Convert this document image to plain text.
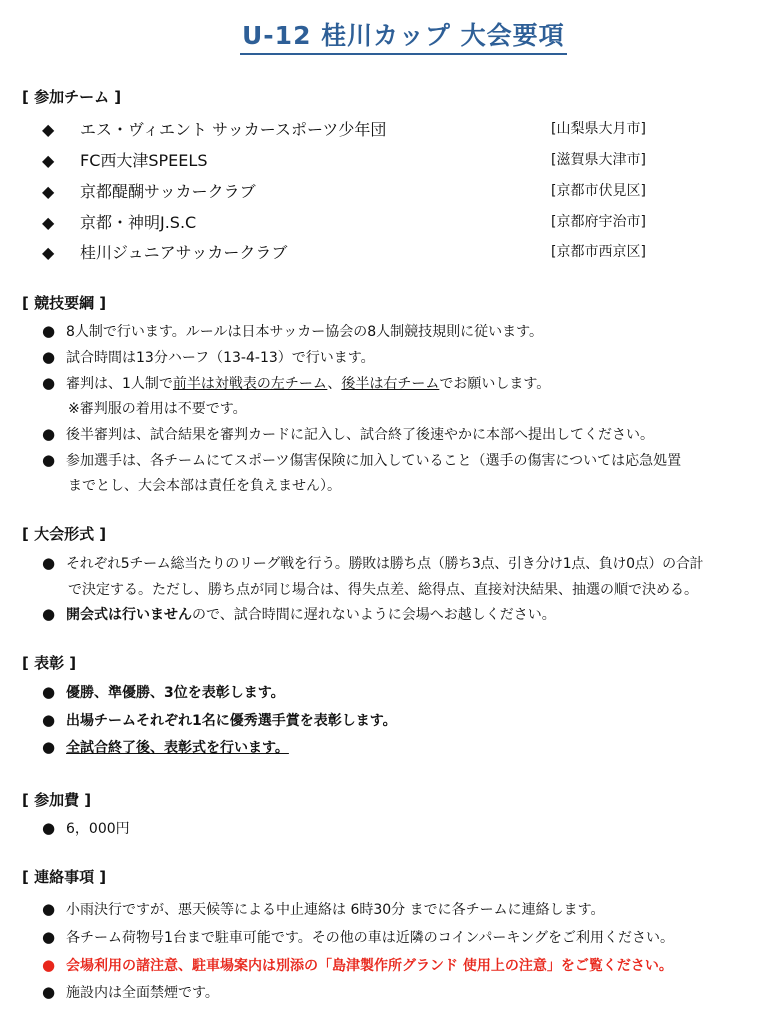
U-12 桂川カップ 大会要項
[ 参加チーム ]
◆ エス・ヴィエント サッカースポーツ少年団	[山梨県大月市]
◆ FC西大津SPEELS	[滋賀県大津市]
◆ 京都醍醐サッカークラブ	[京都市伏見区]
◆ 京都・神明J.S.C	[京都府宇治市]
◆ 桂川ジュニアサッカークラブ	[京都市西京区]
[ 競技要綱 ]
● 8人制で行います。ルールは日本サッカー協会の8人制競技規則に従います。
● 試合時間は13分ハーフ（13-4-13）で行います。
● 審判は、1人制で前半は対戦表の左チーム、後半は右チームでお願いします。
※審判服の着用は不要です。
● 後半審判は、試合結果を審判カードに記入し、試合終了後速やかに本部へ提出してください。
● 参加選手は、各チームにてスポーツ傷害保険に加入していること（選手の傷害については応急処置
までとし、大会本部は責任を負えません）。
[ 大会形式 ]
● それぞれ5チーム総当たりのリーグ戦を行う。勝敗は勝ち点（勝ち3点、引き分け1点、負け0点）の合計
で決定する。ただし、勝ち点が同じ場合は、得失点差、総得点、直接対決結果、抽選の順で決める。
● 開会式は行いませんので、試合時間に遅れないように会場へお越しください。
[ 表彰 ]
● 優勝、準優勝、3位を表彰します。
● 出場チームそれぞれ1名に優秀選手賞を表彰します。
● 全試合終了後、表彰式を行います。
[ 参加費 ]
● 6，000円
[ 連絡事項 ]
● 小雨決行ですが、悪天候等による中止連絡は 6時30分 までに各チームに連絡します。
● 各チーム荷物号1台まで駐車可能です。その他の車は近隣のコインパーキングをご利用ください。
● 会場利用の諸注意、駐車場案内は別添の「島津製作所グランド 使用上の注意」をご覧ください。
● 施設内は全面禁煙です。
